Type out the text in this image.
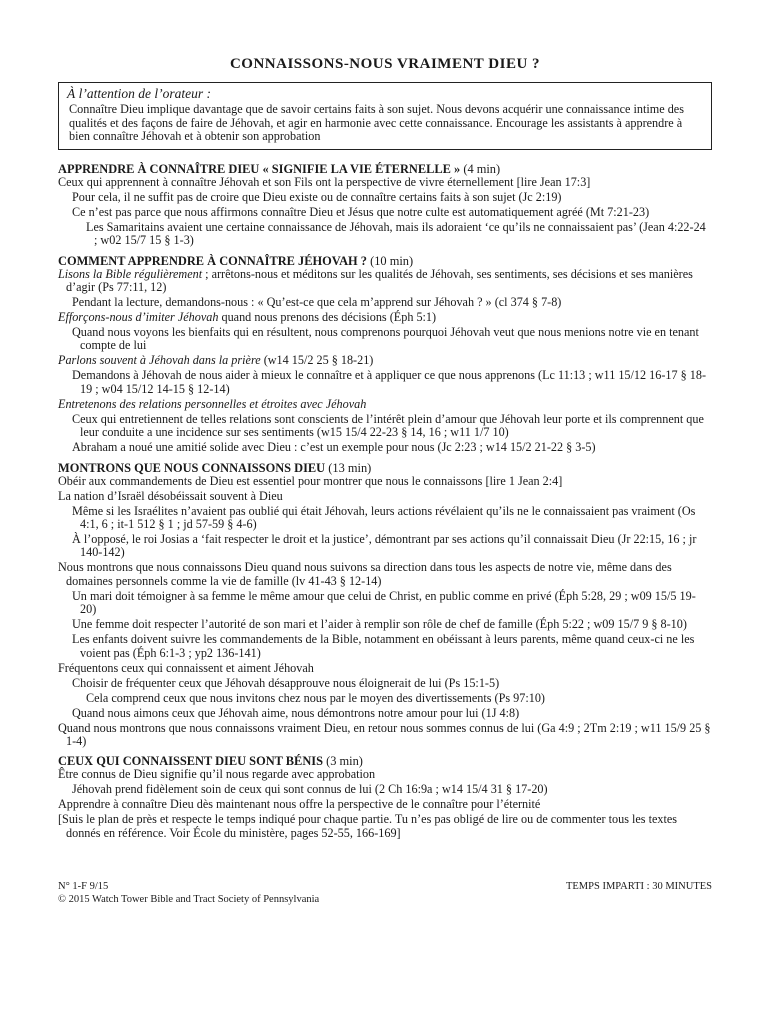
CONNAISSONS-NOUS VRAIMENT DIEU ?
À l’attention de l’orateur :
Connaître Dieu implique davantage que de savoir certains faits à son sujet. Nous devons acquérir une connaissance intime des qualités et des façons de faire de Jéhovah, et agir en harmonie avec cette connaissance. Encourage les assistants à apprendre à bien connaître Jéhovah et à obtenir son approbation
APPRENDRE À CONNAÎTRE DIEU « SIGNIFIE LA VIE ÉTERNELLE » (4 min)
Ceux qui apprennent à connaître Jéhovah et son Fils ont la perspective de vivre éternellement [lire Jean 17:3]
Pour cela, il ne suffit pas de croire que Dieu existe ou de connaître certains faits à son sujet (Jc 2:19)
Ce n’est pas parce que nous affirmons connaître Dieu et Jésus que notre culte est automatiquement agréé (Mt 7:21-23)
Les Samaritains avaient une certaine connaissance de Jéhovah, mais ils adoraient ‘ce qu’ils ne connaissaient pas’ (Jean 4:22-24 ; w02 15/7 15 § 1-3)
COMMENT APPRENDRE À CONNAÎTRE JÉHOVAH ? (10 min)
Lisons la Bible régulièrement ; arrêtons-nous et méditons sur les qualités de Jéhovah, ses sentiments, ses décisions et ses manières d’agir (Ps 77:11, 12)
Pendant la lecture, demandons-nous : « Qu’est-ce que cela m’apprend sur Jéhovah ? » (cl 374 § 7-8)
Efforçons-nous d’imiter Jéhovah quand nous prenons des décisions (Éph 5:1)
Quand nous voyons les bienfaits qui en résultent, nous comprenons pourquoi Jéhovah veut que nous menions notre vie en tenant compte de lui
Parlons souvent à Jéhovah dans la prière (w14 15/2 25 § 18-21)
Demandons à Jéhovah de nous aider à mieux le connaître et à appliquer ce que nous apprenons (Lc 11:13 ; w11 15/12 16-17 § 18-19 ; w04 15/12 14-15 § 12-14)
Entretenons des relations personnelles et étroites avec Jéhovah
Ceux qui entretiennent de telles relations sont conscients de l’intérêt plein d’amour que Jéhovah leur porte et ils comprennent que leur conduite a une incidence sur ses sentiments (w15 15/4 22-23 § 14, 16 ; w11 1/7 10)
Abraham a noué une amitié solide avec Dieu : c’est un exemple pour nous (Jc 2:23 ; w14 15/2 21-22 § 3-5)
MONTRONS QUE NOUS CONNAISSONS DIEU (13 min)
Obéir aux commandements de Dieu est essentiel pour montrer que nous le connaissons [lire 1 Jean 2:4]
La nation d’Israël désobéissait souvent à Dieu
Même si les Israélites n’avaient pas oublié qui était Jéhovah, leurs actions révélaient qu’ils ne le connaissaient pas vraiment (Os 4:1, 6 ; it-1 512 § 1 ; jd 57-59 § 4-6)
À l’opposé, le roi Josias a ‘fait respecter le droit et la justice’, démontrant par ses actions qu’il connaissait Dieu (Jr 22:15, 16 ; jr 140-142)
Nous montrons que nous connaissons Dieu quand nous suivons sa direction dans tous les aspects de notre vie, même dans des domaines personnels comme la vie de famille (lv 41-43 § 12-14)
Un mari doit témoigner à sa femme le même amour que celui de Christ, en public comme en privé (Éph 5:28, 29 ; w09 15/5 19-20)
Une femme doit respecter l’autorité de son mari et l’aider à remplir son rôle de chef de famille (Éph 5:22 ; w09 15/7 9 § 8-10)
Les enfants doivent suivre les commandements de la Bible, notamment en obéissant à leurs parents, même quand ceux-ci ne les voient pas (Éph 6:1-3 ; yp2 136-141)
Fréquentons ceux qui connaissent et aiment Jéhovah
Choisir de fréquenter ceux que Jéhovah désapprouve nous éloignerait de lui (Ps 15:1-5)
Cela comprend ceux que nous invitons chez nous par le moyen des divertissements (Ps 97:10)
Quand nous aimons ceux que Jéhovah aime, nous démontrons notre amour pour lui (1J 4:8)
Quand nous montrons que nous connaissons vraiment Dieu, en retour nous sommes connus de lui (Ga 4:9 ; 2Tm 2:19 ; w11 15/9 25 § 1-4)
CEUX QUI CONNAISSENT DIEU SONT BÉNIS (3 min)
Être connus de Dieu signifie qu’il nous regarde avec approbation
Jéhovah prend fidèlement soin de ceux qui sont connus de lui (2 Ch 16:9a ; w14 15/4 31 § 17-20)
Apprendre à connaître Dieu dès maintenant nous offre la perspective de le connaître pour l’éternité
[Suis le plan de près et respecte le temps indiqué pour chaque partie. Tu n’es pas obligé de lire ou de commenter tous les textes donnés en référence. Voir École du ministère, pages 52-55, 166-169]
N° 1-F 9/15	TEMPS IMPARTI : 30 MINUTES
© 2015 Watch Tower Bible and Tract Society of Pennsylvania
